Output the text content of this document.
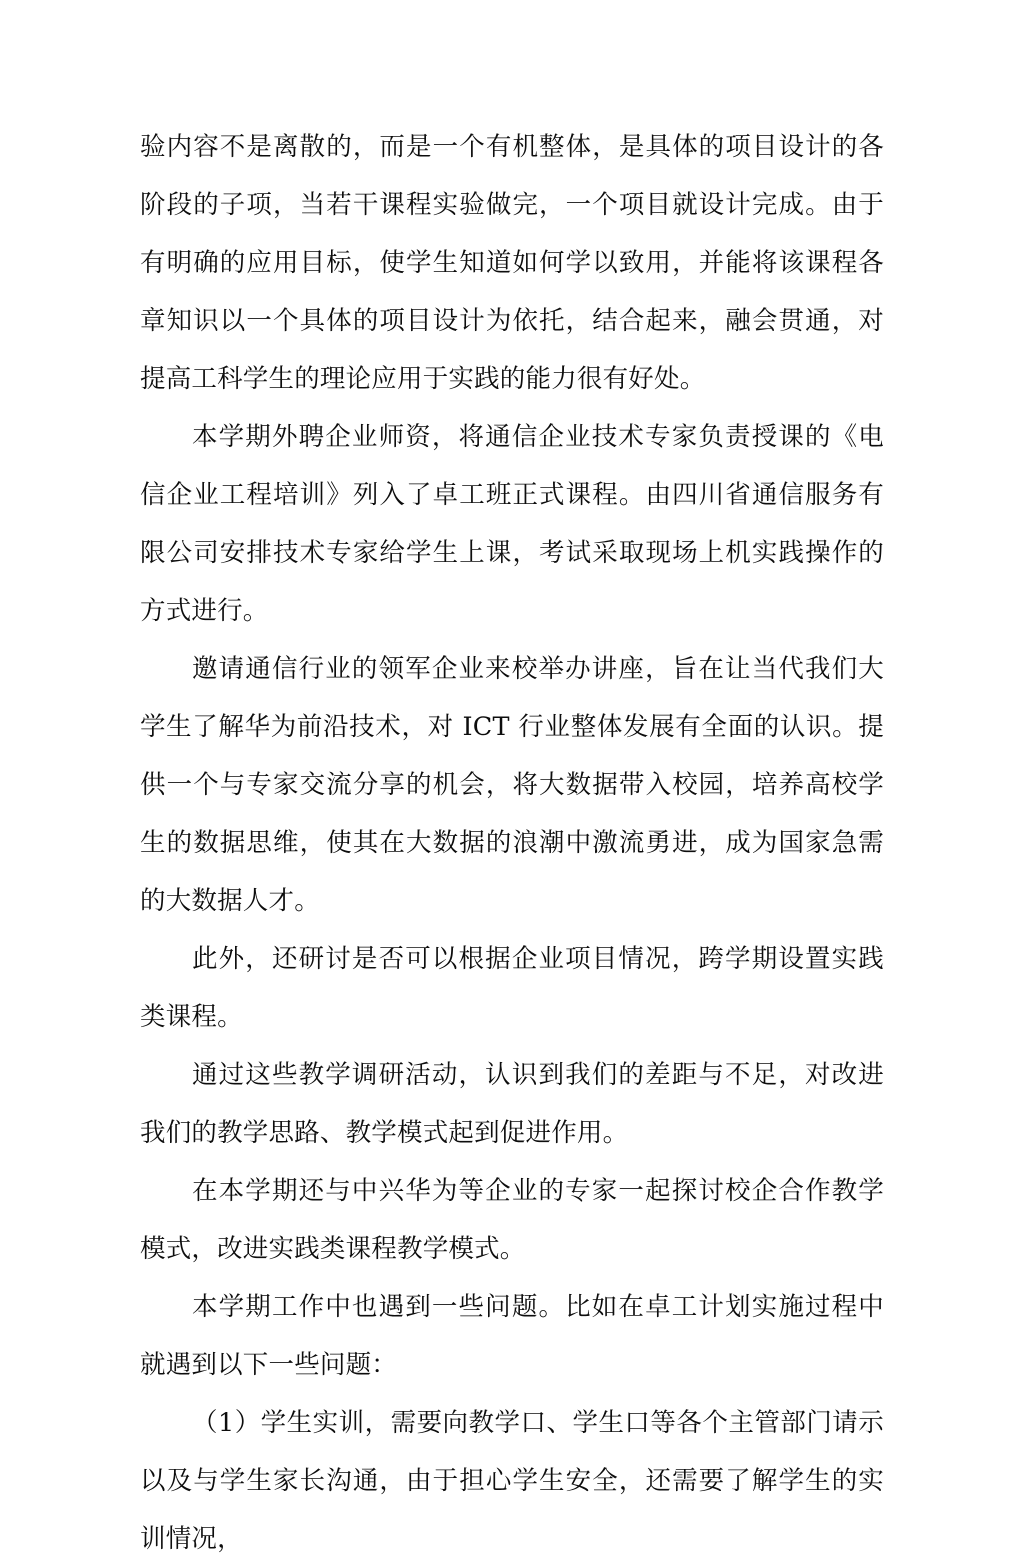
验内容不是离散的，而是一个有机整体，是具体的项目设计的各阶段的子项，当若干课程实验做完，一个项目就设计完成。由于有明确的应用目标，使学生知道如何学以致用，并能将该课程各章知识以一个具体的项目设计为依托，结合起来，融会贯通，对提高工科学生的理论应用于实践的能力很有好处。

本学期外聘企业师资，将通信企业技术专家负责授课的《电信企业工程培训》列入了卓工班正式课程。由四川省通信服务有限公司安排技术专家给学生上课，考试采取现场上机实践操作的方式进行。

邀请通信行业的领军企业来校举办讲座，旨在让当代我们大学生了解华为前沿技术，对 ICT 行业整体发展有全面的认识。提供一个与专家交流分享的机会，将大数据带入校园，培养高校学生的数据思维，使其在大数据的浪潮中激流勇进，成为国家急需的大数据人才。

此外，还研讨是否可以根据企业项目情况，跨学期设置实践类课程。

通过这些教学调研活动，认识到我们的差距与不足，对改进我们的教学思路、教学模式起到促进作用。

在本学期还与中兴华为等企业的专家一起探讨校企合作教学模式，改进实践类课程教学模式。

本学期工作中也遇到一些问题。比如在卓工计划实施过程中就遇到以下一些问题：

（1）学生实训，需要向教学口、学生口等各个主管部门请示以及与学生家长沟通，由于担心学生安全，还需要了解学生的实训情况，
